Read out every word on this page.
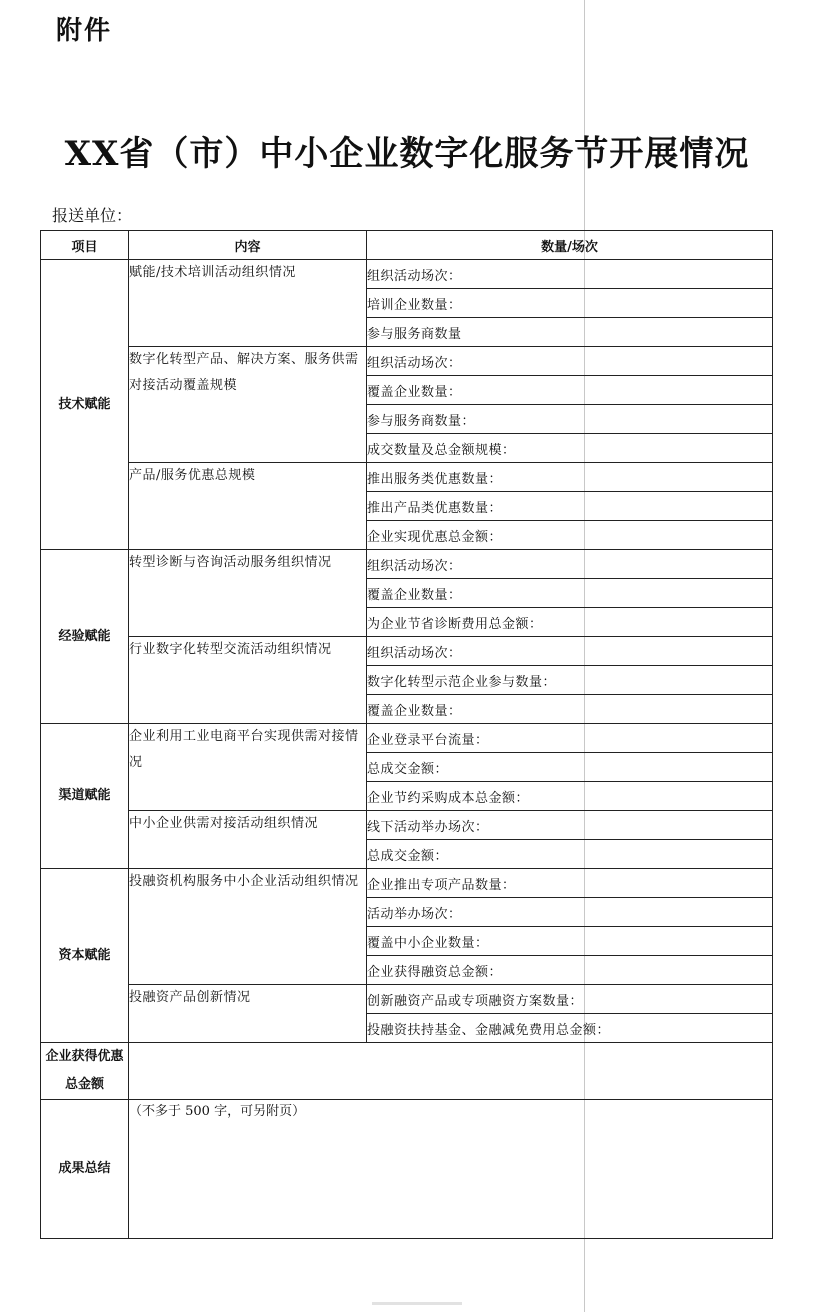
附件
XX省（市）中小企业数字化服务节开展情况
报送单位：
项目	内容	数量/场次
技术赋能	赋能/技术培训活动组织情况	组织活动场次：
		培训企业数量：
		参与服务商数量
	数字化转型产品、解决方案、服务供需对接活动覆盖规模	组织活动场次：
		覆盖企业数量：
		参与服务商数量：
		成交数量及总金额规模：
	产品/服务优惠总规模	推出服务类优惠数量：
		推出产品类优惠数量：
		企业实现优惠总金额：
经验赋能	转型诊断与咨询活动服务组织情况	组织活动场次：
		覆盖企业数量：
		为企业节省诊断费用总金额：
	行业数字化转型交流活动组织情况	组织活动场次：
		数字化转型示范企业参与数量：
		覆盖企业数量：
渠道赋能	企业利用工业电商平台实现供需对接情况	企业登录平台流量：
		总成交金额：
		企业节约采购成本总金额：
	中小企业供需对接活动组织情况	线下活动举办场次：
		总成交金额：
资本赋能	投融资机构服务中小企业活动组织情况	企业推出专项产品数量：
		活动举办场次：
		覆盖中小企业数量：
		企业获得融资总金额：
	投融资产品创新情况	创新融资产品或专项融资方案数量：
		投融资扶持基金、金融减免费用总金额：
企业获得优惠总金额		
成果总结	（不多于 500 字，可另附页）	
